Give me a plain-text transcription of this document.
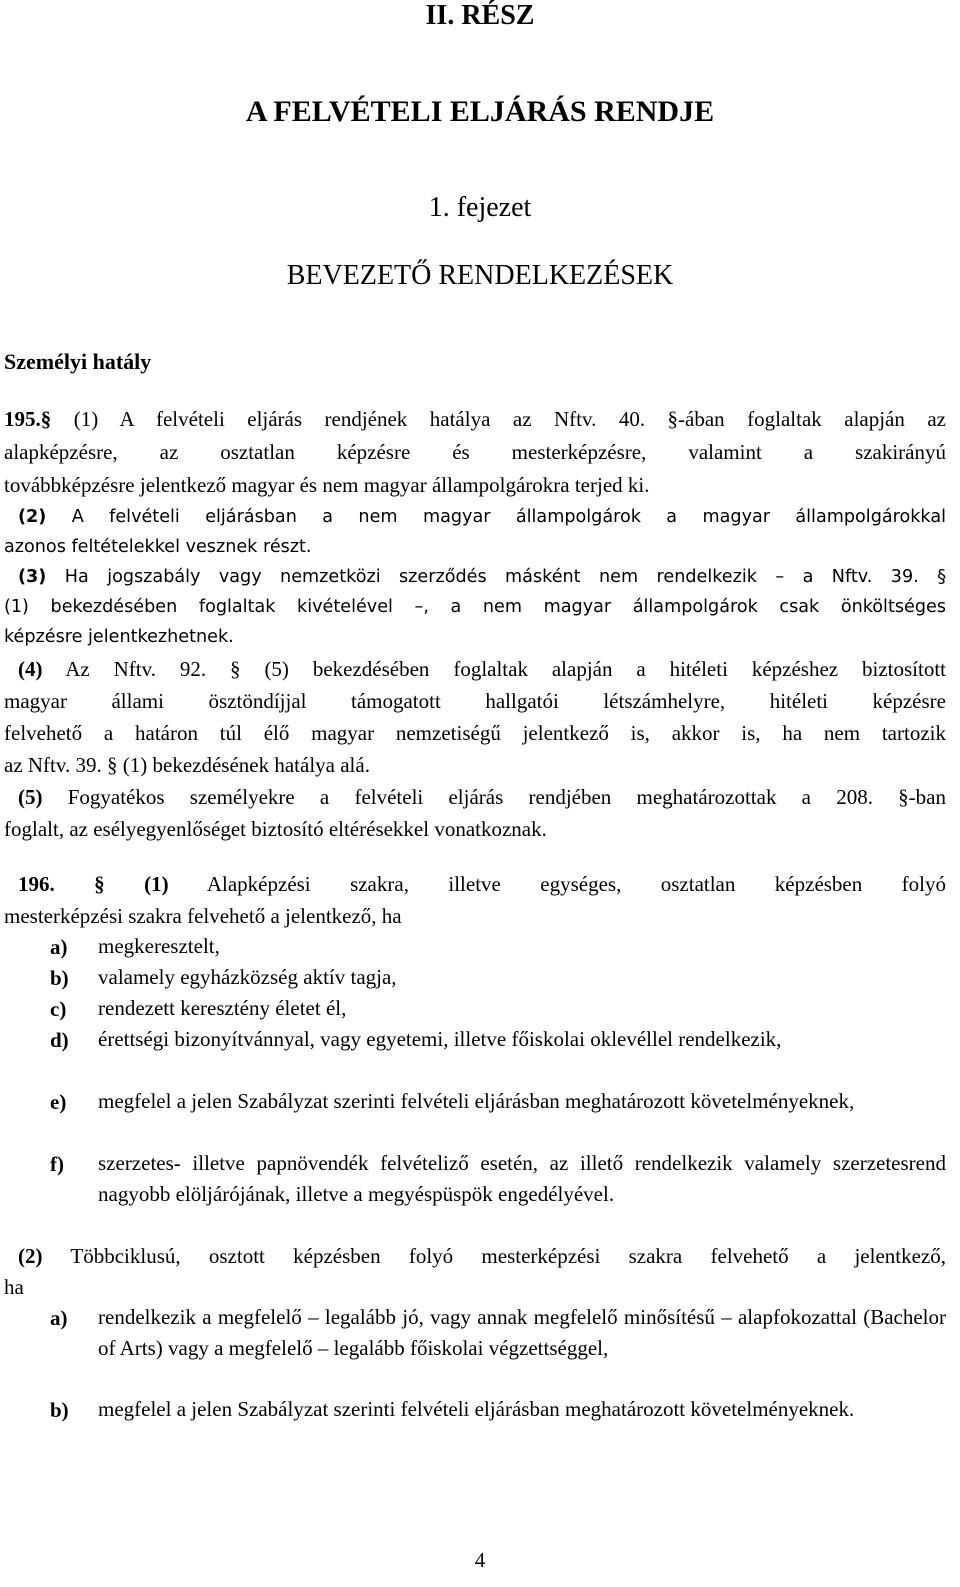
II. RÉSZ
A FELVÉTELI ELJÁRÁS RENDJE
1. fejezet
BEVEZETŐ RENDELKEZÉSEK
Személyi hatály
195.§ (1) A felvételi eljárás rendjének hatálya az Nftv. 40. §-ában foglaltak alapján az
alapképzésre, az osztatlan képzésre és mesterképzésre, valamint a szakirányú
továbbképzésre jelentkező magyar és nem magyar állampolgárokra terjed ki.
(2) A felvételi eljárásban a nem magyar állampolgárok a magyar állampolgárokkal
azonos feltételekkel vesznek részt.
(3) Ha jogszabály vagy nemzetközi szerződés másként nem rendelkezik – a Nftv. 39. §
(1) bekezdésében foglaltak kivételével –, a nem magyar állampolgárok csak önköltséges
képzésre jelentkezhetnek.
(4) Az Nftv. 92. § (5) bekezdésében foglaltak alapján a hitéleti képzéshez biztosított
magyar állami ösztöndíjjal támogatott hallgatói létszámhelyre, hitéleti képzésre
felvehető a határon túl élő magyar nemzetiségű jelentkező is, akkor is, ha nem tartozik
az Nftv. 39. § (1) bekezdésének hatálya alá.
(5) Fogyatékos személyekre a felvételi eljárás rendjében meghatározottak a 208. §-ban
foglalt, az esélyegyenlőséget biztosító eltérésekkel vonatkoznak.
196. § (1) Alapképzési szakra, illetve egységes, osztatlan képzésben folyó
mesterképzési szakra felvehető a jelentkező, ha
a) megkeresztelt,
b) valamely egyházközség aktív tagja,
c) rendezett keresztény életet él,
d) érettségi bizonyítvánnyal, vagy egyetemi, illetve főiskolai oklevéllel rendelkezik,
e) megfelel a jelen Szabályzat szerinti felvételi eljárásban meghatározott követelményeknek,
f) szerzetes- illetve papnövendék felvételiző esetén, az illető rendelkezik valamely szerzetesrend nagyobb elöljárójának, illetve a megyéspüspök engedélyével.
(2) Többciklusú, osztott képzésben folyó mesterképzési szakra felvehető a jelentkező,
ha
a) rendelkezik a megfelelő – legalább jó, vagy annak megfelelő minősítésű – alapfokozattal (Bachelor of Arts) vagy a megfelelő – legalább főiskolai végzettséggel,
b) megfelel a jelen Szabályzat szerinti felvételi eljárásban meghatározott követelményeknek.
4
